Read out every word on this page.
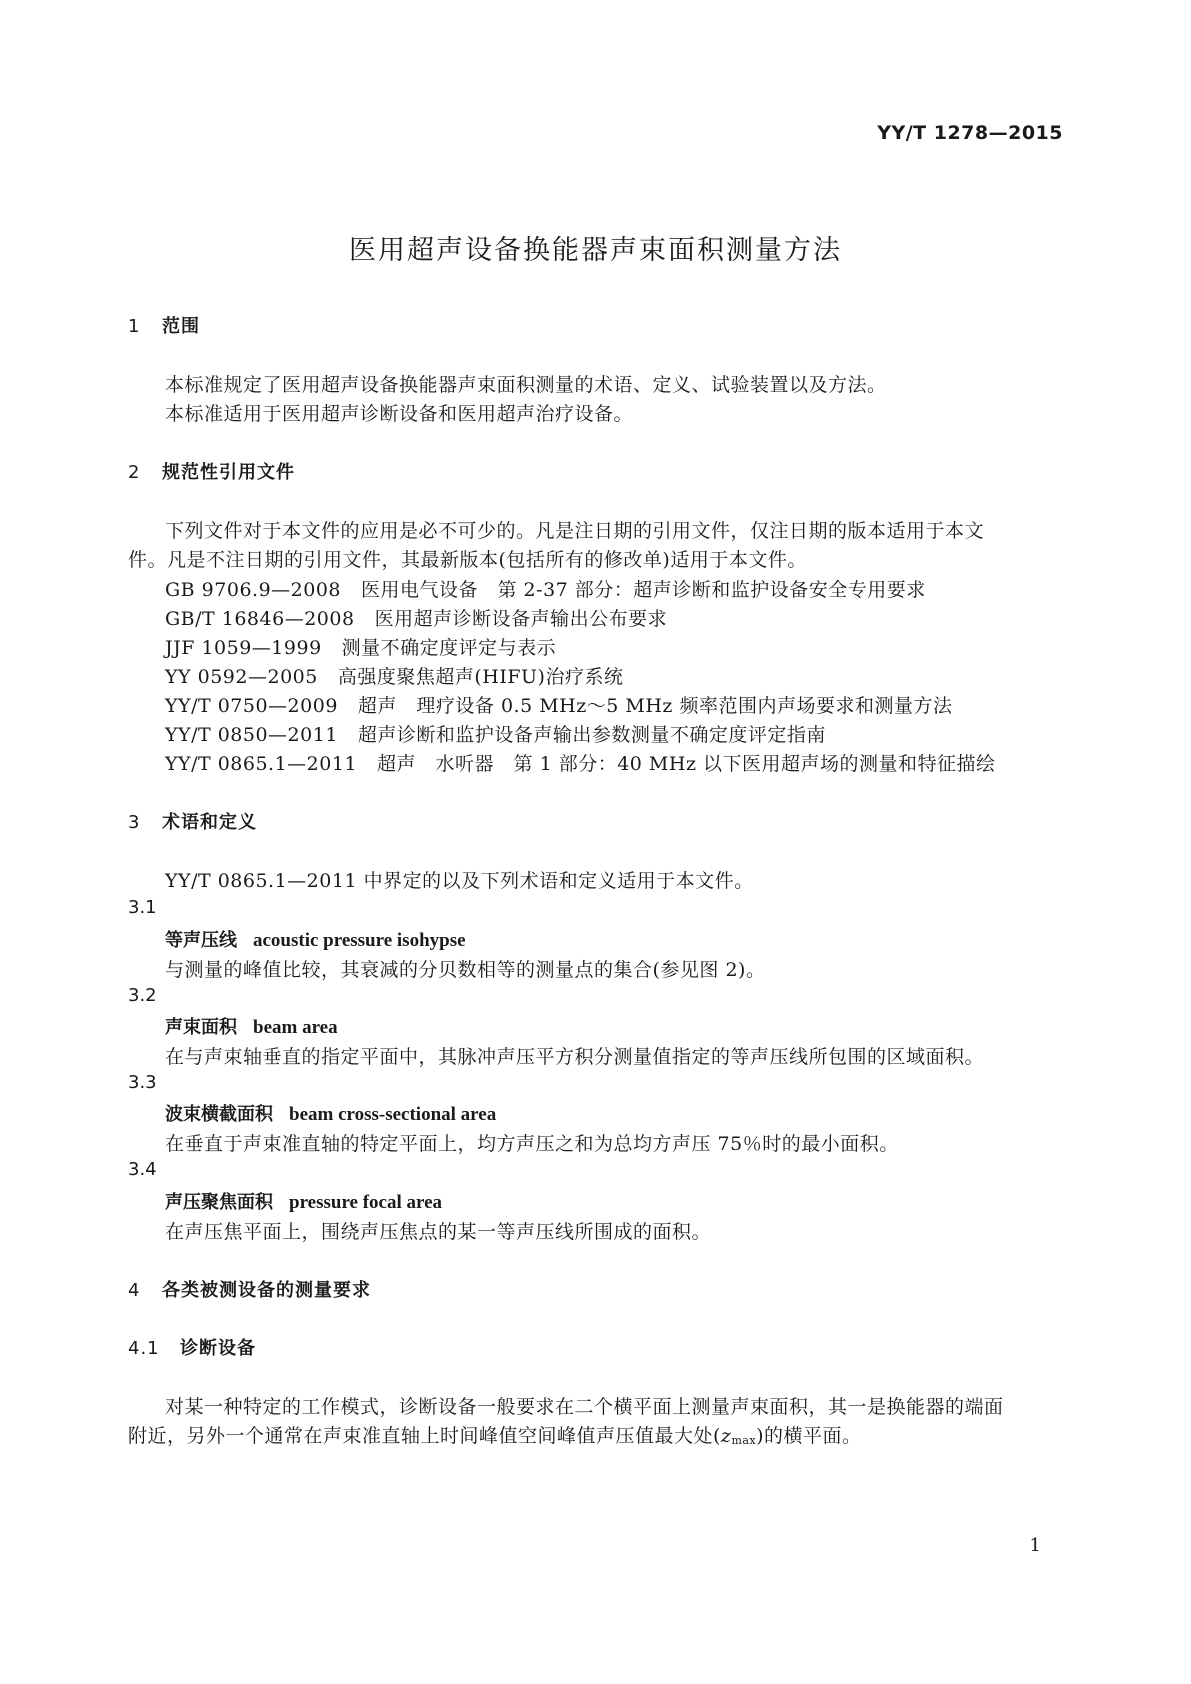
YY/T 1278—2015
医用超声设备换能器声束面积测量方法
1 范围
本标准规定了医用超声设备换能器声束面积测量的术语、定义、试验装置以及方法。
本标准适用于医用超声诊断设备和医用超声治疗设备。
2 规范性引用文件
下列文件对于本文件的应用是必不可少的。凡是注日期的引用文件，仅注日期的版本适用于本文
件。凡是不注日期的引用文件，其最新版本(包括所有的修改单)适用于本文件。
GB 9706.9—2008 医用电气设备　第 2-37 部分：超声诊断和监护设备安全专用要求
GB/T 16846—2008 医用超声诊断设备声输出公布要求
JJF 1059—1999 测量不确定度评定与表示
YY 0592—2005 高强度聚焦超声(HIFU)治疗系统
YY/T 0750—2009 超声　理疗设备 0.5 MHz～5 MHz 频率范围内声场要求和测量方法
YY/T 0850—2011 超声诊断和监护设备声输出参数测量不确定度评定指南
YY/T 0865.1—2011 超声　水听器　第 1 部分：40 MHz 以下医用超声场的测量和特征描绘
3 术语和定义
YY/T 0865.1—2011 中界定的以及下列术语和定义适用于本文件。
3.1
等声压线 acoustic pressure isohypse
与测量的峰值比较，其衰减的分贝数相等的测量点的集合(参见图 2)。
3.2
声束面积 beam area
在与声束轴垂直的指定平面中，其脉冲声压平方积分测量值指定的等声压线所包围的区域面积。
3.3
波束横截面积 beam cross-sectional area
在垂直于声束准直轴的特定平面上，均方声压之和为总均方声压 75％时的最小面积。
3.4
声压聚焦面积 pressure focal area
在声压焦平面上，围绕声压焦点的某一等声压线所围成的面积。
4 各类被测设备的测量要求
4.1 诊断设备
对某一种特定的工作模式，诊断设备一般要求在二个横平面上测量声束面积，其一是换能器的端面
附近，另外一个通常在声束准直轴上时间峰值空间峰值声压值最大处(zmax)的横平面。
1
